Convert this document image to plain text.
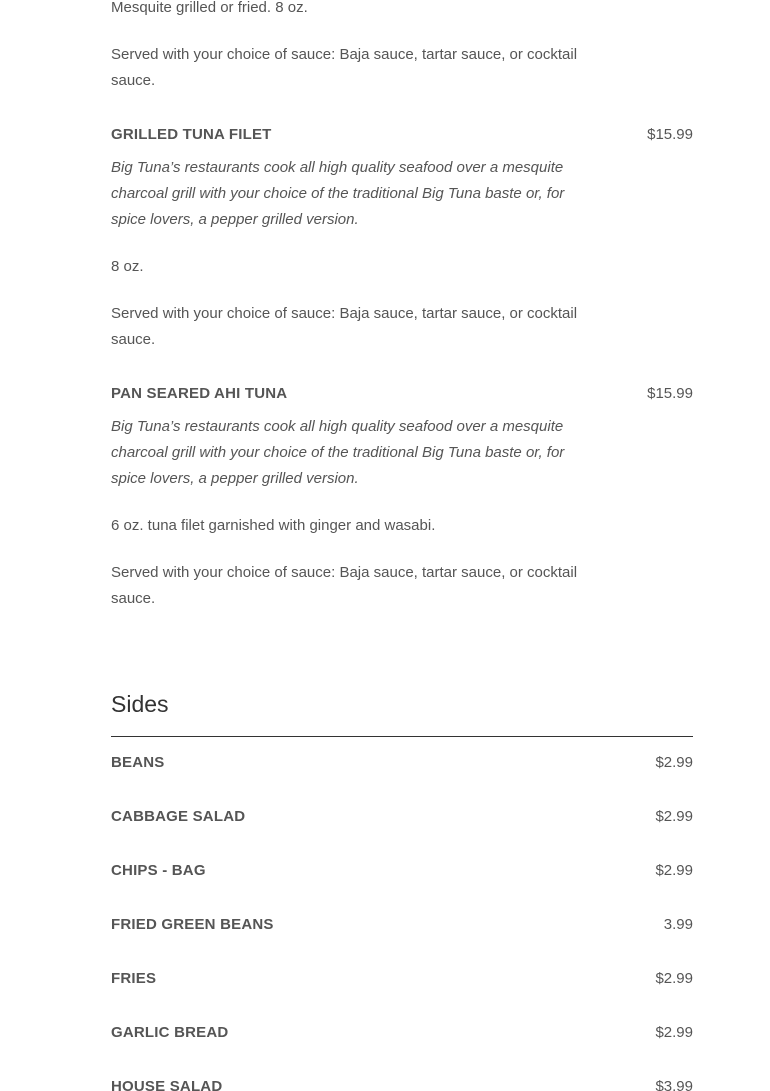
Mesquite grilled or fried. 8 oz.

Served with your choice of sauce: Baja sauce, tartar sauce, or cocktail sauce.

GRILLED TUNA FILET	$15.99

Big Tuna’s restaurants cook all high quality seafood over a mesquite charcoal grill with your choice of the traditional Big Tuna baste or, for spice lovers, a pepper grilled version.

8 oz.

Served with your choice of sauce: Baja sauce, tartar sauce, or cocktail sauce.

PAN SEARED AHI TUNA	$15.99

Big Tuna’s restaurants cook all high quality seafood over a mesquite charcoal grill with your choice of the traditional Big Tuna baste or, for spice lovers, a pepper grilled version.

6 oz. tuna filet garnished with ginger and wasabi.

Served with your choice of sauce: Baja sauce, tartar sauce, or cocktail sauce.

Sides
BEANS	$2.99
CABBAGE SALAD	$2.99
CHIPS - BAG	$2.99
FRIED GREEN BEANS	3.99
FRIES	$2.99
GARLIC BREAD	$2.99
HOUSE SALAD	$3.99
